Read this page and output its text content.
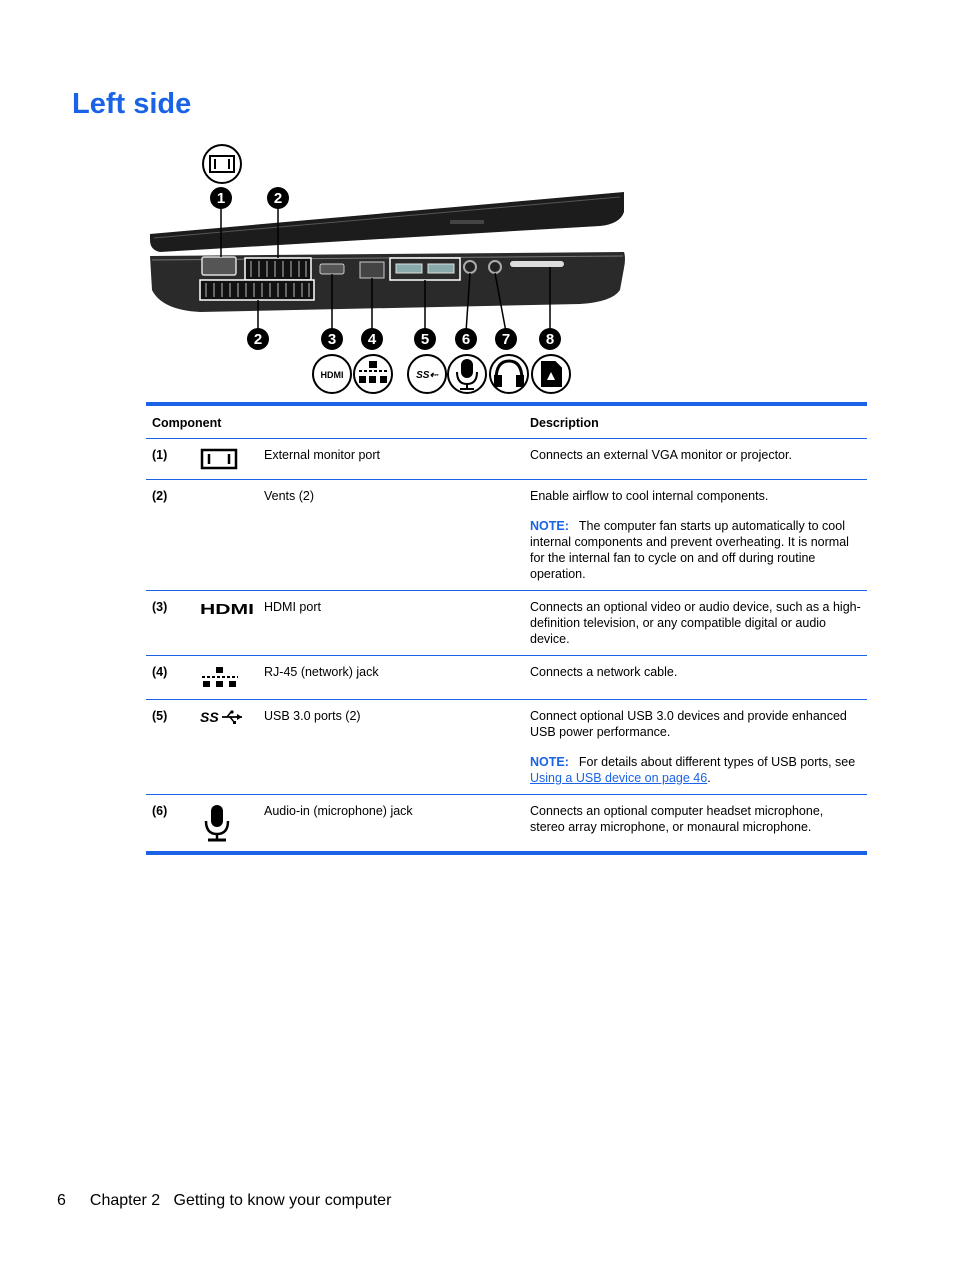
Left side
1	2
2	3 4	5 6 7 8
HDMI	SS⇠
Component			Description
(1)		External monitor port	Connects an external VGA monitor or projector.

(2)		Vents (2)	Enable airflow to cool internal components.

NOTE: The computer fan starts up automatically to cool internal components and prevent overheating. It is normal for the internal fan to cycle on and off during routine operation.

(3)	HDMI	HDMI port	Connects an optional video or audio device, such as a high-definition television, or any compatible digital or audio device.

(4)		RJ-45 (network) jack	Connects a network cable.

(5)	SS	USB 3.0 ports (2)	Connect optional USB 3.0 devices and provide enhanced USB power performance.

NOTE: For details about different types of USB ports, see Using a USB device on page 46.

(6)		Audio-in (microphone) jack	Connects an optional computer headset microphone, stereo array microphone, or monaural microphone.

6 Chapter 2   Getting to know your computer
